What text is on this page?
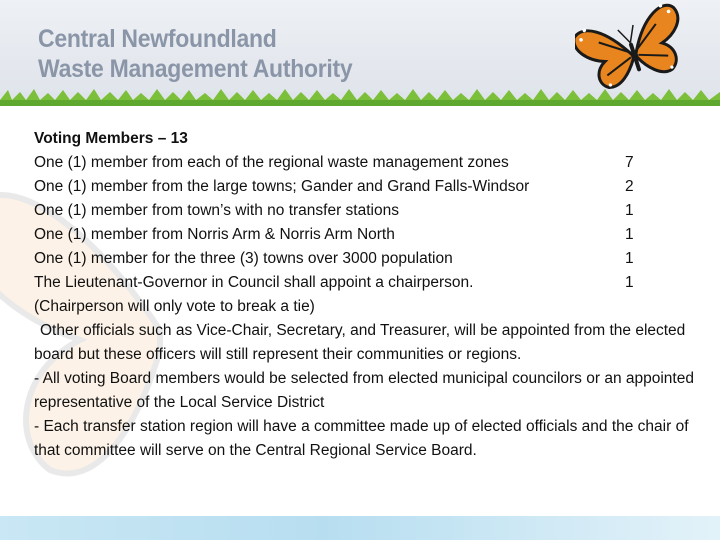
Central Newfoundland
Waste Management Authority
Voting Members – 13
One (1) member from each of the regional waste management zones	7
One (1) member from the large towns; Gander and Grand Falls-Windsor	2
One (1) member from town’s with no transfer stations	1
One (1) member from Norris Arm & Norris Arm North	1
One (1) member for the three (3) towns over 3000 population	1
The Lieutenant-Governor in Council shall appoint a chairperson.	1
(Chairperson will only vote to break a tie)

Other officials such as Vice-Chair, Secretary, and Treasurer, will be appointed from the elected board but these officers will still represent their communities or regions.

- All voting Board members would be selected from elected municipal councilors or an appointed representative of the Local Service District

- Each transfer station region will have a committee made up of elected officials and the chair of that committee will serve on the Central Regional Service Board.
